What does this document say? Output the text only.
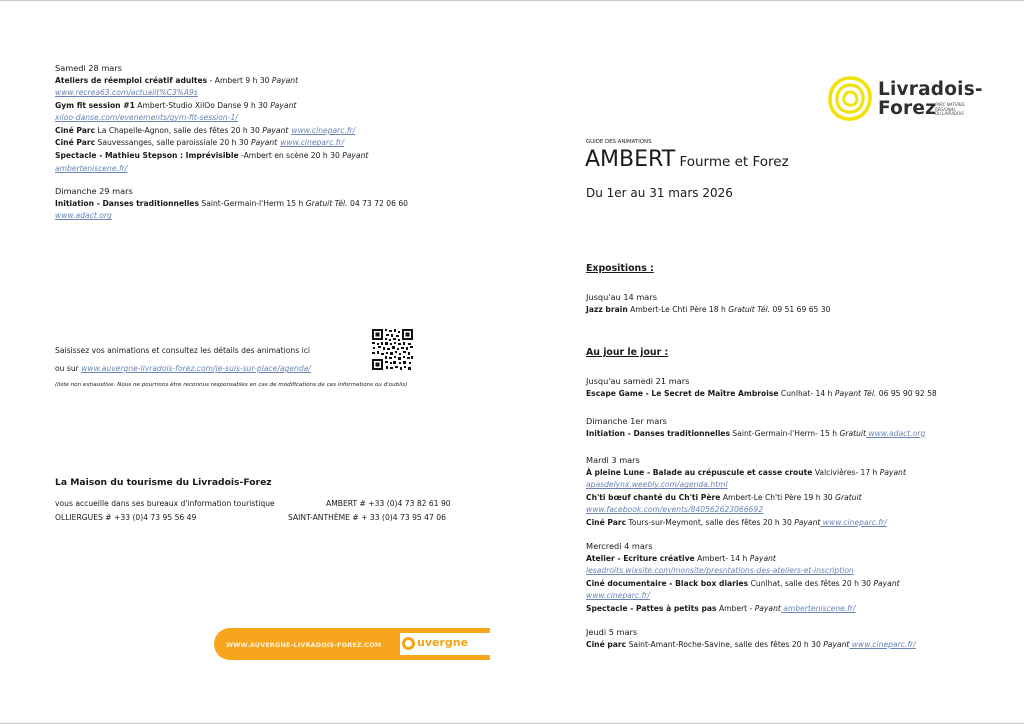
Samedi 28 mars
Ateliers de réemploi créatif adultes - Ambert 9 h 30 Payant
www.recrea63.com/actualit%C3%A9s
Gym fit session #1 Ambert-Studio XilOo Danse 9 h 30 Payant
xiloo-danse.com/evenements/gym-fit-session-1/
Ciné Parc La Chapelle-Agnon, salle des fêtes 20 h 30 Payant www.cineparc.fr/
Ciné Parc Sauvessanges, salle paroissiale 20 h 30 Payant www.cineparc.fr/
Spectacle - Mathieu Stepson : Imprévisible -Ambert en scène 20 h 30 Payant
amberteniscene.fr/
Dimanche 29 mars
Initiation - Danses traditionnelles Saint-Germain-l'Herm 15 h Gratuit Tél. 04 73 72 06 60
www.adact.org
Saisissez vos animations et consultez les détails des animations ici
ou sur www.auvergne-livradois-forez.com/je-suis-sur-place/agenda/
(liste non exhaustive. Nous ne pourrions être reconnus responsables en cas de modifications de ces informations ou d'oublis)
La Maison du tourisme du Livradois-Forez
vous accueille dans ses bureaux d'information touristique	AMBERT # +33 (0)4 73 82 61 90
OLLIERGUES # +33 (0)4 73 95 56 49	SAINT-ANTHÈME # + 33 (0)4 73 95 47 06
WWW.AUVERGNE-LIVRADOIS-FOREZ.COM	uvergne
Livradois-
Forez
PARC NATUREL
RÉGIONAL
DU LIVRADOIS
GUIDE DES ANIMATIONS
AMBERT Fourme et Forez
Du 1er au 31 mars 2026
Expositions :
Jusqu'au 14 mars
Jazz brain Ambert-Le Chti Père 18 h Gratuit Tél. 09 51 69 65 30
Au jour le jour :
Jusqu'au samedi 21 mars
Escape Game - Le Secret de Maître Ambroise Cunlhat- 14 h Payant Tél. 06 95 90 92 58
Dimanche 1er mars
Initiation - Danses traditionnelles Saint-Germain-l'Herm- 15 h Gratuit www.adact.org
Mardi 3 mars
À pleine Lune - Balade au crépuscule et casse croute Valcivières- 17 h Payant
apasdelynx.weebly.com/agenda.html
Ch'ti bœuf chanté du Ch'ti Père Ambert-Le Ch'ti Père 19 h 30 Gratuit
www.facebook.com/events/840562623066692
Ciné Parc Tours-sur-Meymont, salle des fêtes 20 h 30 Payant www.cineparc.fr/
Mercredi 4 mars
Atelier - Ecriture créative Ambert- 14 h Payant
lesadroits.wixsite.com/monsite/presntations-des-ateliers-et-inscription
Ciné documentaire - Black box diaries Cunlhat, salle des fêtes 20 h 30 Payant
www.cineparc.fr/
Spectacle - Pattes à petits pas Ambert - Payant amberteniscene.fr/
Jeudi 5 mars
Ciné parc Saint-Amant-Roche-Savine, salle des fêtes 20 h 30 Payant www.cineparc.fr/
